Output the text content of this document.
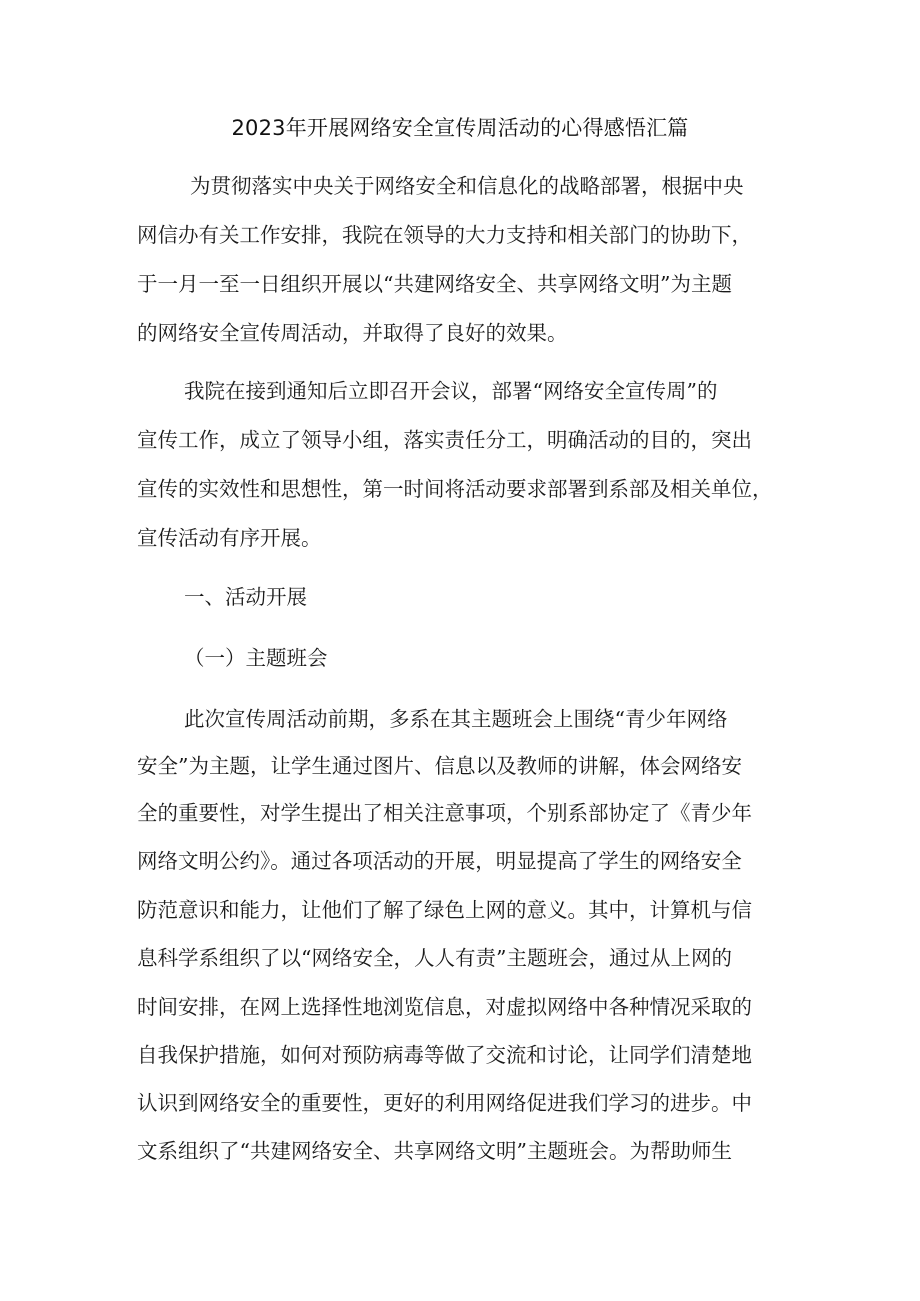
2023年开展网络安全宣传周活动的心得感悟汇篇
为贯彻落实中央关于网络安全和信息化的战略部署，根据中央
网信办有关工作安排，我院在领导的大力支持和相关部门的协助下，
于一月一至一日组织开展以“共建网络安全、共享网络文明”为主题
的网络安全宣传周活动，并取得了良好的效果。
我院在接到通知后立即召开会议，部署“网络安全宣传周”的
宣传工作，成立了领导小组，落实责任分工，明确活动的目的，突出
宣传的实效性和思想性，第一时间将活动要求部署到系部及相关单位，
宣传活动有序开展。
一、活动开展
（一）主题班会
此次宣传周活动前期，多系在其主题班会上围绕“青少年网络
安全”为主题，让学生通过图片、信息以及教师的讲解，体会网络安
全的重要性，对学生提出了相关注意事项，个别系部协定了《青少年
网络文明公约》。通过各项活动的开展，明显提高了学生的网络安全
防范意识和能力，让他们了解了绿色上网的意义。其中，计算机与信
息科学系组织了以“网络安全，人人有责”主题班会，通过从上网的
时间安排，在网上选择性地浏览信息，对虚拟网络中各种情况采取的
自我保护措施，如何对预防病毒等做了交流和讨论，让同学们清楚地
认识到网络安全的重要性，更好的利用网络促进我们学习的进步。中
文系组织了“共建网络安全、共享网络文明”主题班会。为帮助师生
